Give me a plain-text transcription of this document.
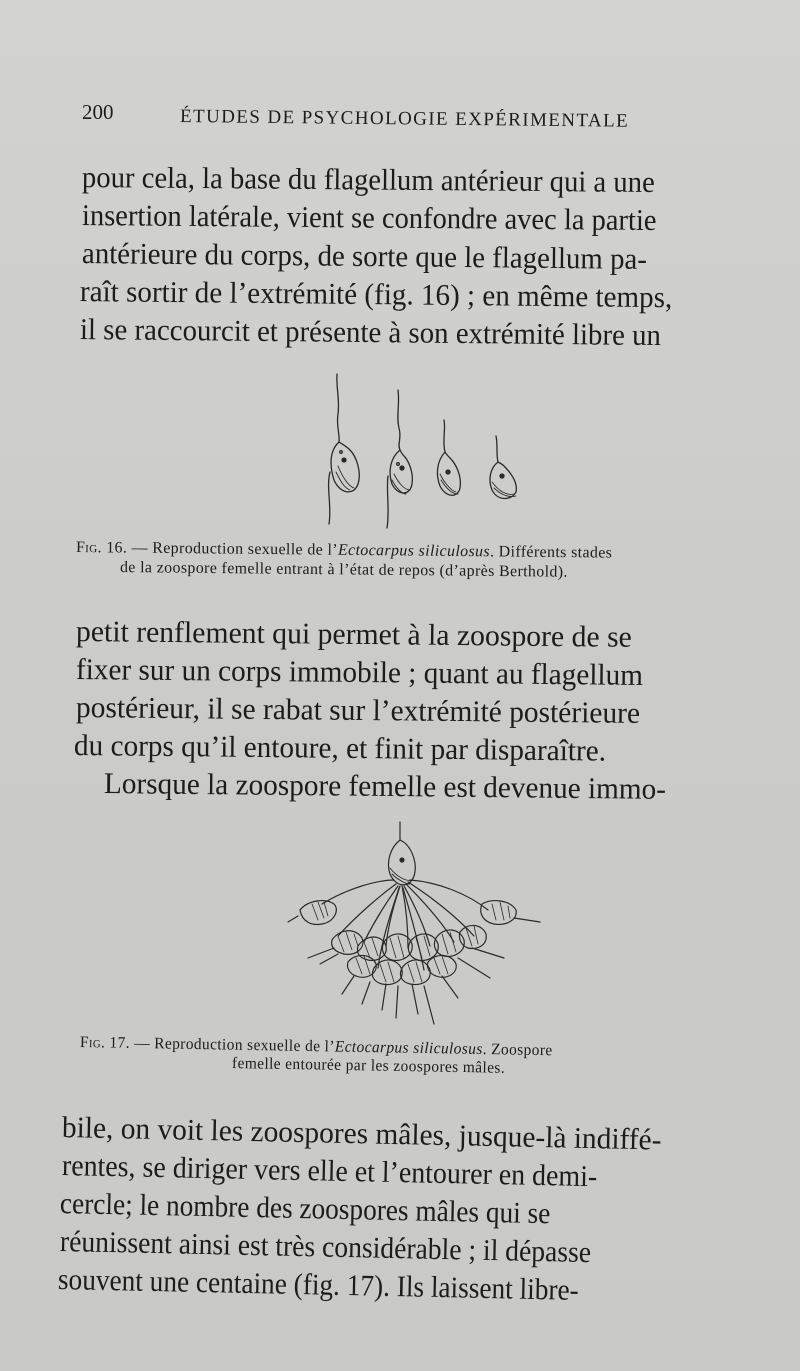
200	ÉTUDES DE PSYCHOLOGIE EXPÉRIMENTALE
pour cela, la base du flagellum antérieur qui a une
insertion latérale, vient se confondre avec la partie
antérieure du corps, de sorte que le flagellum pa-
raît sortir de l’extrémité (fig. 16) ; en même temps,
il se raccourcit et présente à son extrémité libre un
Fig. 16. — Reproduction sexuelle de l’Ectocarpus siliculosus. Différents stades
de la zoospore femelle entrant à l’état de repos (d’après Berthold).
petit renflement qui permet à la zoospore de se
fixer sur un corps immobile ; quant au flagellum
postérieur, il se rabat sur l’extrémité postérieure
du corps qu’il entoure, et finit par disparaître.
Lorsque la zoospore femelle est devenue immo-
Fig. 17. — Reproduction sexuelle de l’Ectocarpus siliculosus. Zoospore
femelle entourée par les zoospores mâles.
bile, on voit les zoospores mâles, jusque-là indiffé-
rentes, se diriger vers elle et l’entourer en demi-
cercle; le nombre des zoospores mâles qui se
réunissent ainsi est très considérable ; il dépasse
souvent une centaine (fig. 17). Ils laissent libre-
